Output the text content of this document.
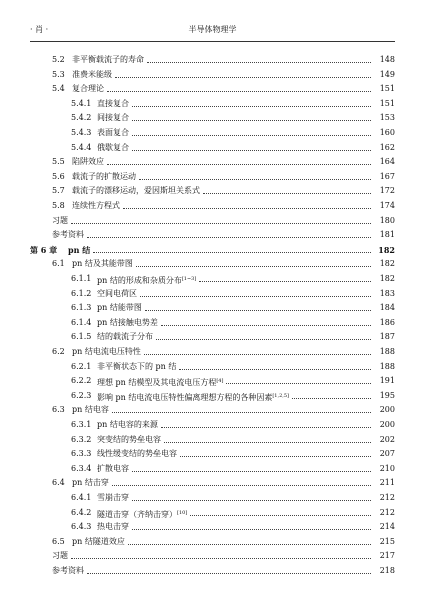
· 肖 ·	半导体物理学
5.2 非平衡载流子的寿命	148
5.3 准费米能级	149
5.4 复合理论	151
5.4.1 直接复合	151
5.4.2 间接复合	153
5.4.3 表面复合	160
5.4.4 俄歇复合	162
5.5 陷阱效应	164
5.6 载流子的扩散运动	167
5.7 载流子的漂移运动，爱因斯坦关系式	172
5.8 连续性方程式	174
习题	180
参考资料	181
第 6 章 pn 结	182
6.1 pn 结及其能带图	182
6.1.1 pn 结的形成和杂质分布[1~3]	182
6.1.2 空间电荷区	183
6.1.3 pn 结能带图	184
6.1.4 pn 结接触电势差	186
6.1.5 结的载流子分布	187
6.2 pn 结电流电压特性	188
6.2.1 非平衡状态下的 pn 结	188
6.2.2 理想 pn 结模型及其电流电压方程[4]	191
6.2.3 影响 pn 结电流电压特性偏离理想方程的各种因素[1,2,5]	195
6.3 pn 结电容	200
6.3.1 pn 结电容的来源	200
6.3.2 突变结的势垒电容	202
6.3.3 线性缓变结的势垒电容	207
6.3.4 扩散电容	210
6.4 pn 结击穿	211
6.4.1 雪崩击穿	212
6.4.2 隧道击穿（齐纳击穿）[10]	212
6.4.3 热电击穿	214
6.5 pn 结隧道效应	215
习题	217
参考资料	218
